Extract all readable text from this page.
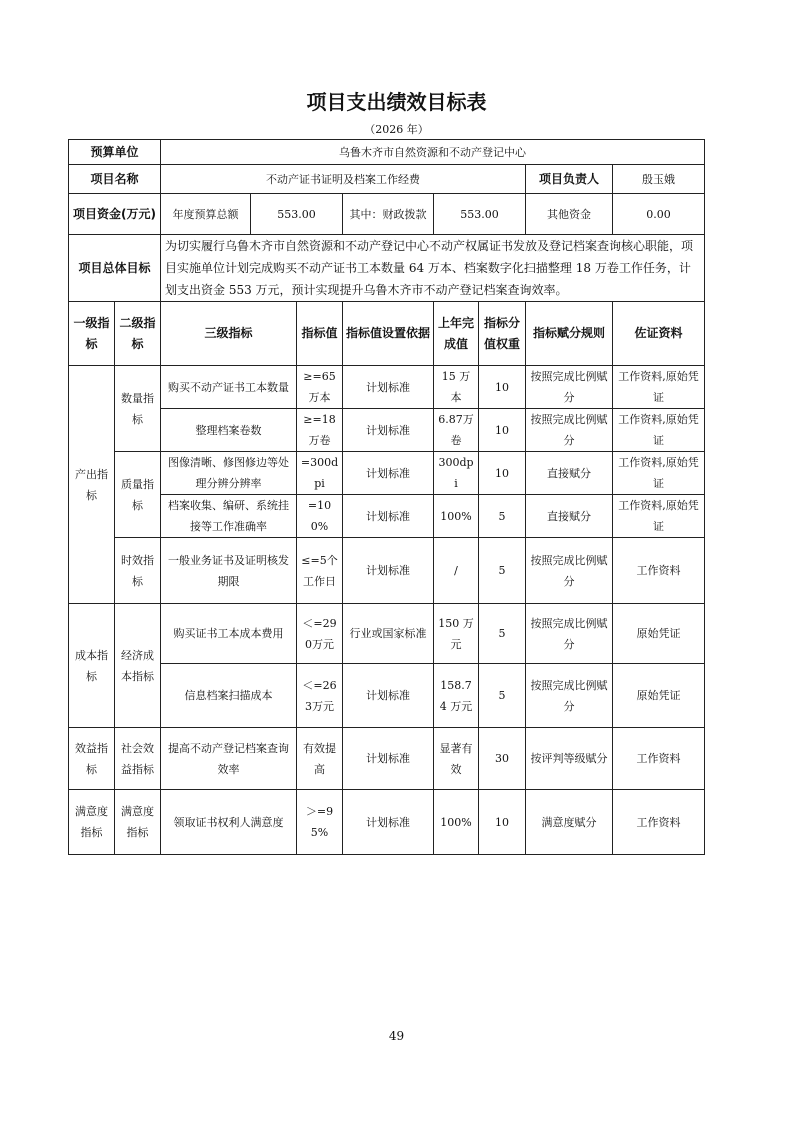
项目支出绩效目标表
（2026 年）
预算单位		乌鲁木齐市自然资源和不动产登记中心							
项目名称		不动产证书证明及档案工作经费						项目负责人	殷玉娥
项目资金(万元)		年度预算总额	553.00		其中：财政拨款	553.00		其他资金	0.00
项目总体目标		为切实履行乌鲁木齐市自然资源和不动产登记中心不动产权属证书发放及登记档案查询核心职能，项目实施单位计划完成购买不动产证书工本数量 64 万本、档案数字化扫描整理 18 万卷工作任务，计划支出资金 553 万元，预计实现提升乌鲁木齐市不动产登记档案查询效率。							
一级指标	二级指标	三级指标		指标值	指标值设置依据	上年完成值	指标分值权重	指标赋分规则	佐证资料
产出指标	数量指标	购买不动产证书工本数量		≥=65万本	计划标准	15 万本	10	按照完成比例赋分	工作资料,原始凭证
		整理档案卷数		≥=18万卷	计划标准	6.87万卷	10	按照完成比例赋分	工作资料,原始凭证
	质量指标	图像清晰、修图修边等处理分辨分辨率		=300dpi	计划标准	300dpi	10	直接赋分	工作资料,原始凭证
		档案收集、编研、系统挂接等工作准确率		=100%	计划标准	100%	5	直接赋分	工作资料,原始凭证
	时效指标	一般业务证书及证明核发期限		≤=5个工作日	计划标准	/	5	按照完成比例赋分	工作资料
成本指标	经济成本指标	购买证书工本成本费用		＜=290万元	行业或国家标准	150 万元	5	按照完成比例赋分	原始凭证
		信息档案扫描成本		＜=263万元	计划标准	158.74 万元	5	按照完成比例赋分	原始凭证
效益指标	社会效益指标	提高不动产登记档案查询效率		有效提高	计划标准	显著有效	30	按评判等级赋分	工作资料
满意度指标	满意度指标	领取证书权利人满意度		＞=95%	计划标准	100%	10	满意度赋分	工作资料
49
